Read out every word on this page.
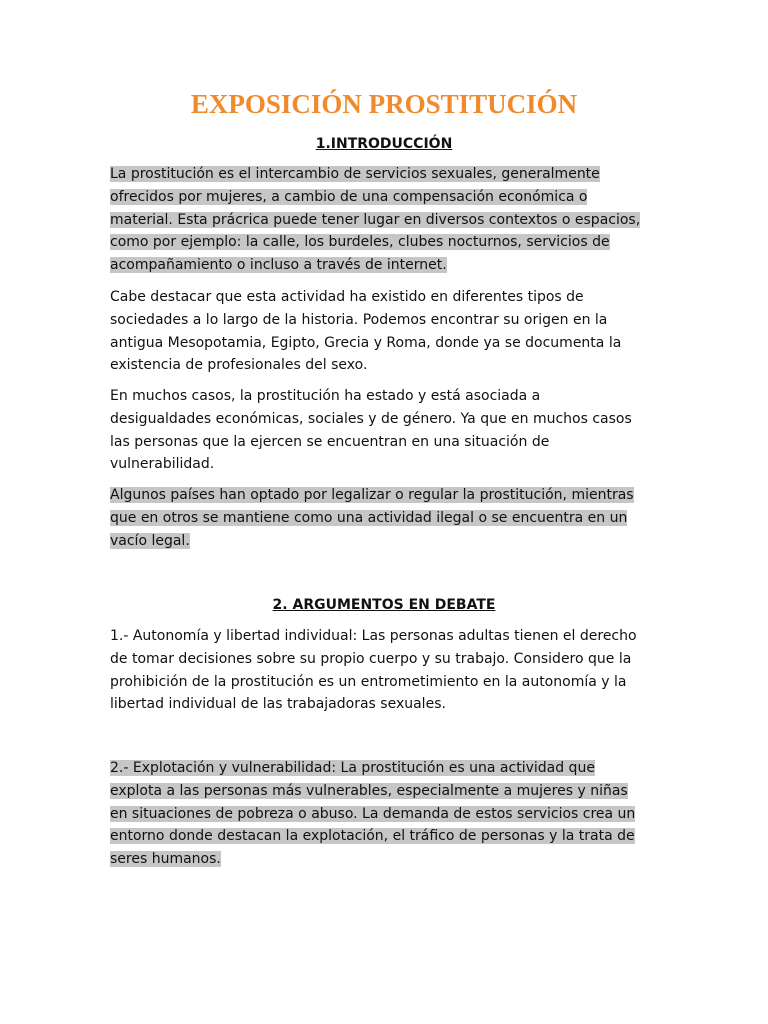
EXPOSICIÓN PROSTITUCIÓN
1.INTRODUCCIÓN
La prostitución es el intercambio de servicios sexuales, generalmente
ofrecidos por mujeres, a cambio de una compensación económica o
material. Esta prácrica puede tener lugar en diversos contextos o espacios,
como por ejemplo: la calle, los burdeles, clubes nocturnos, servicios de
acompañamiento o incluso a través de internet.
Cabe destacar que esta actividad ha existido en diferentes tipos de
sociedades a lo largo de la historia. Podemos encontrar su origen en la
antigua Mesopotamia, Egipto, Grecia y Roma, donde ya se documenta la
existencia de profesionales del sexo.
En muchos casos, la prostitución ha estado y está asociada a
desigualdades económicas, sociales y de género. Ya que en muchos casos
las personas que la ejercen se encuentran en una situación de
vulnerabilidad.
Algunos países han optado por legalizar o regular la prostitución, mientras
que en otros se mantiene como una actividad ilegal o se encuentra en un
vacío legal.
2. ARGUMENTOS EN DEBATE
1.- Autonomía y libertad individual: Las personas adultas tienen el derecho
de tomar decisiones sobre su propio cuerpo y su trabajo. Considero que la
prohibición de la prostitución es un entrometimiento en la autonomía y la
libertad individual de las trabajadoras sexuales.
2.- Explotación y vulnerabilidad: La prostitución es una actividad que
explota a las personas más vulnerables, especialmente a mujeres y niñas
en situaciones de pobreza o abuso. La demanda de estos servicios crea un
entorno donde destacan la explotación, el tráfico de personas y la trata de
seres humanos.
